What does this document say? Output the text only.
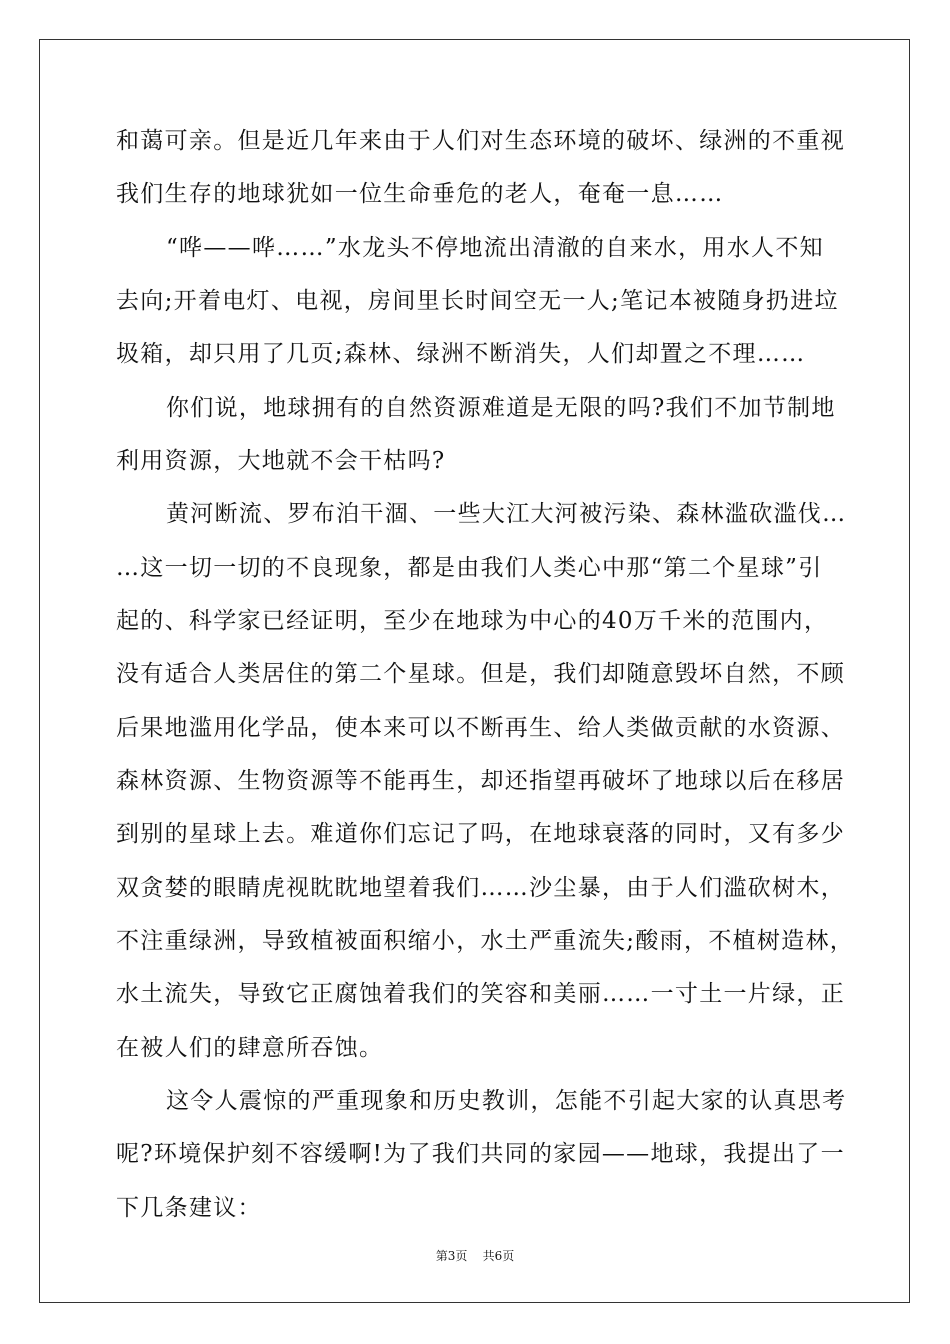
和蔼可亲。但是近几年来由于人们对生态环境的破坏、绿洲的不重视
我们生存的地球犹如一位生命垂危的老人，奄奄一息……
“哗——哗……”水龙头不停地流出清澈的自来水，用水人不知
去向;开着电灯、电视，房间里长时间空无一人;笔记本被随身扔进垃
圾箱，却只用了几页;森林、绿洲不断消失，人们却置之不理……
你们说，地球拥有的自然资源难道是无限的吗?我们不加节制地
利用资源，大地就不会干枯吗?
黄河断流、罗布泊干涸、一些大江大河被污染、森林滥砍滥伐…
…这一切一切的不良现象，都是由我们人类心中那“第二个星球”引
起的、科学家已经证明，至少在地球为中心的40万千米的范围内，
没有适合人类居住的第二个星球。但是，我们却随意毁坏自然，不顾
后果地滥用化学品，使本来可以不断再生、给人类做贡献的水资源、
森林资源、生物资源等不能再生，却还指望再破坏了地球以后在移居
到别的星球上去。难道你们忘记了吗，在地球衰落的同时，又有多少
双贪婪的眼睛虎视眈眈地望着我们……沙尘暴，由于人们滥砍树木，
不注重绿洲，导致植被面积缩小，水土严重流失;酸雨，不植树造林，
水土流失，导致它正腐蚀着我们的笑容和美丽……一寸土一片绿，正
在被人们的肆意所吞蚀。
这令人震惊的严重现象和历史教训，怎能不引起大家的认真思考
呢?环境保护刻不容缓啊!为了我们共同的家园——地球，我提出了一
下几条建议：
第3页 共6页
